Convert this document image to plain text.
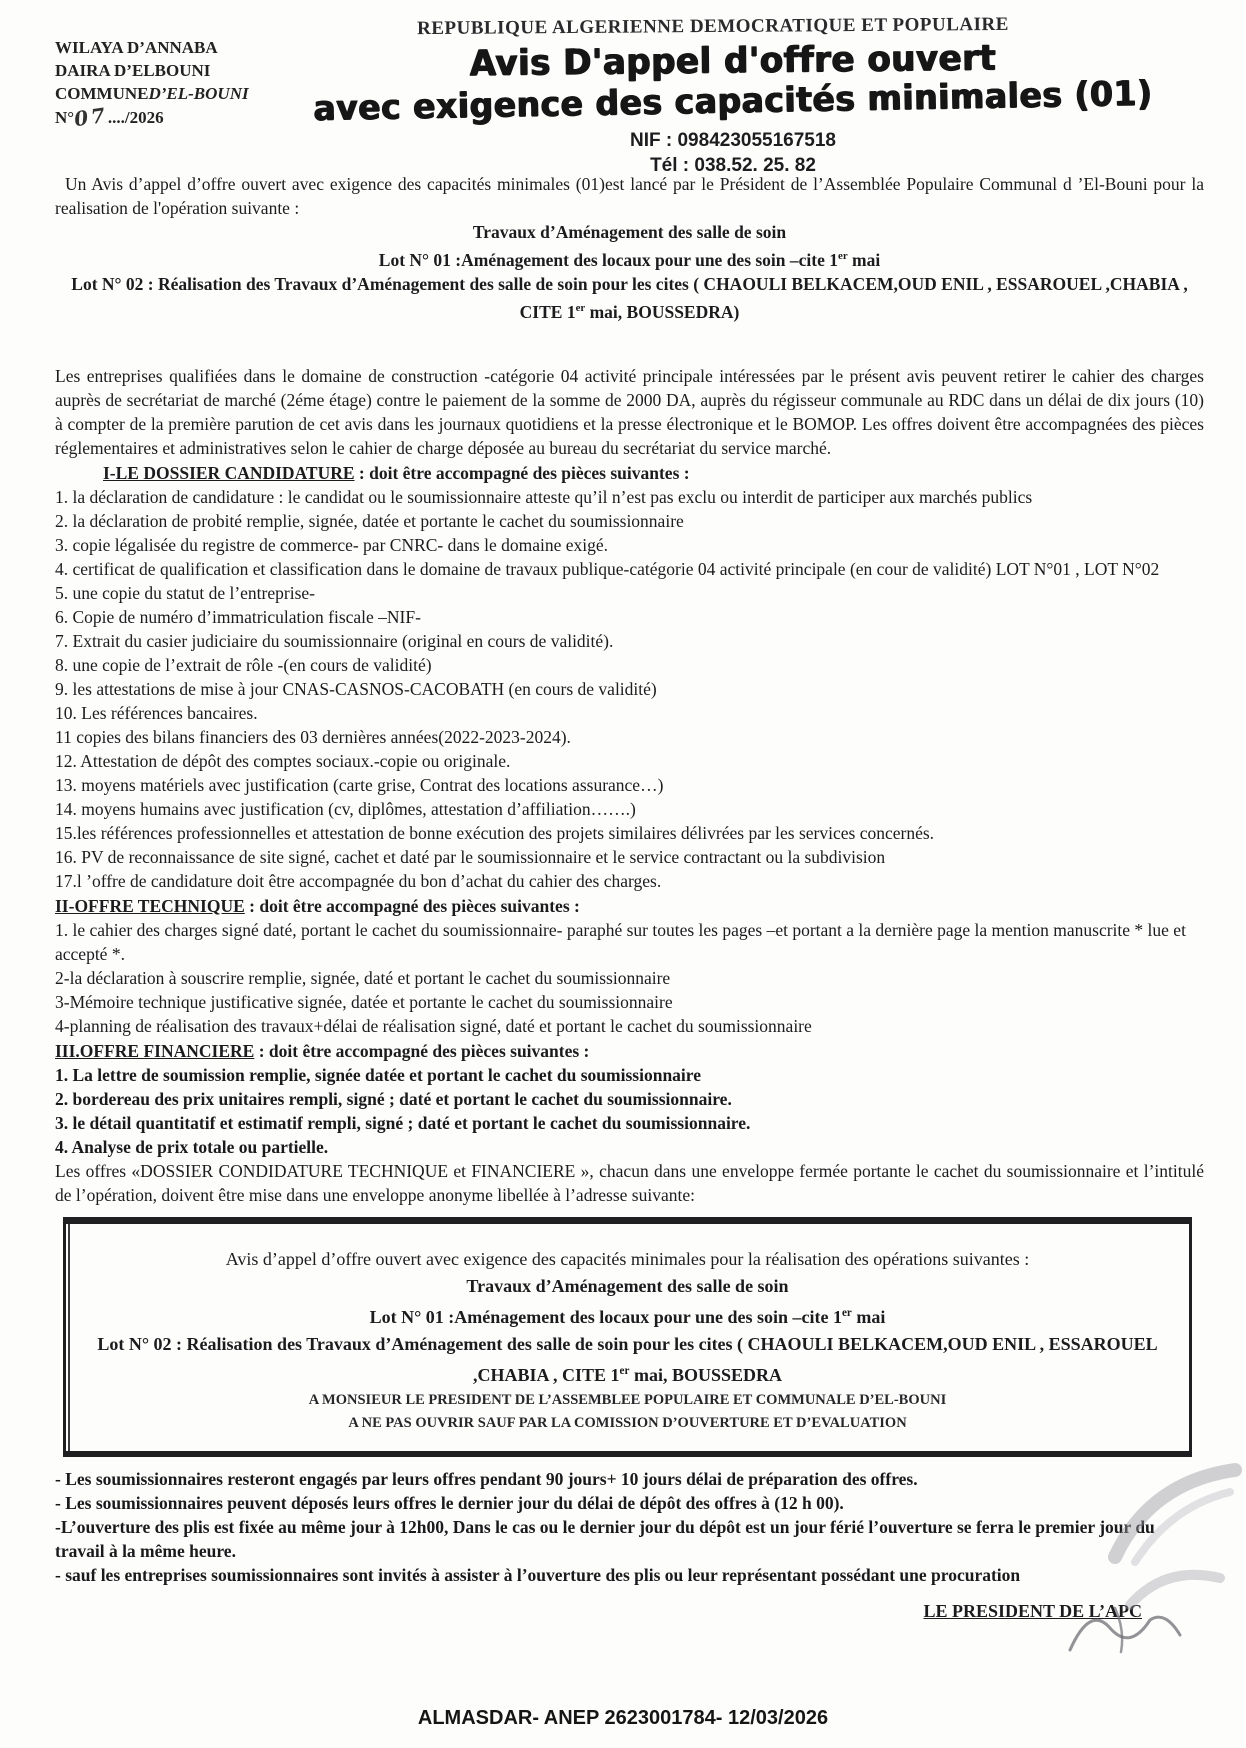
REPUBLIQUE ALGERIENNE DEMOCRATIQUE ET POPULAIRE
WILAYA D’ANNABA
DAIRA D’ELBOUNI
COMMUNED’EL-BOUNI
N°07..../2026
Avis D'appel d'offre ouvert
avec exigence des capacités minimales (01)
NIF : 098423055167518
Tél : 038.52. 25. 82
Un Avis d’appel d’offre ouvert avec exigence des capacités minimales (01)est lancé par le Président de l’Assemblée Populaire Communal d ’El-Bouni pour la realisation de l'opération suivante :
Travaux d’Aménagement des salle de soin
Lot N° 01 :Aménagement des locaux pour une des soin –cite 1er mai
Lot N° 02 : Réalisation des Travaux d’Aménagement des salle de soin pour les cites ( CHAOULI BELKACEM,OUD ENIL , ESSAROUEL ,CHABIA , CITE 1er mai, BOUSSEDRA)
Les entreprises qualifiées dans le domaine de construction -catégorie 04 activité principale intéressées par le présent avis peuvent retirer le cahier des charges auprès de secrétariat de marché (2éme étage) contre le paiement de la somme de 2000 DA, auprès du régisseur communale au RDC dans un délai de dix jours (10) à compter de la première parution de cet avis dans les journaux quotidiens et la presse électronique et le BOMOP. Les offres doivent être accompagnées des pièces réglementaires et administratives selon le cahier de charge déposée au bureau du secrétariat du service marché.
I-LE DOSSIER CANDIDATURE : doit être accompagné des pièces suivantes :
1. la déclaration de candidature : le candidat ou le soumissionnaire atteste qu’il n’est pas exclu ou interdit de participer aux marchés publics
2. la déclaration de probité remplie, signée, datée et portante le cachet du soumissionnaire
3. copie légalisée du registre de commerce- par CNRC- dans le domaine exigé.
4. certificat de qualification et classification dans le domaine de travaux publique-catégorie 04 activité principale (en cour de validité) LOT N°01 , LOT N°02
5. une copie du statut de l’entreprise-
6. Copie de numéro d’immatriculation fiscale –NIF-
7. Extrait du casier judiciaire du soumissionnaire (original en cours de validité).
8. une copie de l’extrait de rôle -(en cours de validité)
9. les attestations de mise à jour CNAS-CASNOS-CACOBATH (en cours de validité)
10. Les références bancaires.
11 copies des bilans financiers des 03 dernières années(2022-2023-2024).
12. Attestation de dépôt des comptes sociaux.-copie ou originale.
13. moyens matériels avec justification (carte grise, Contrat des locations assurance…)
14. moyens humains avec justification (cv, diplômes, attestation d’affiliation…….)
15.les références professionnelles et attestation de bonne exécution des projets similaires délivrées par les services concernés.
16. PV de reconnaissance de site signé, cachet et daté par le soumissionnaire et le service contractant ou la subdivision
17.l ’offre de candidature doit être accompagnée du bon d’achat du cahier des charges.
II-OFFRE TECHNIQUE : doit être accompagné des pièces suivantes :
1. le cahier des charges signé daté, portant le cachet du soumissionnaire- paraphé sur toutes les pages –et portant a la dernière page la mention manuscrite * lue et accepté *.
2-la déclaration à souscrire remplie, signée, daté et portant le cachet du soumissionnaire
3-Mémoire technique justificative signée, datée et portante le cachet du soumissionnaire
4-planning de réalisation des travaux+délai de réalisation signé, daté et portant le cachet du soumissionnaire
III.OFFRE FINANCIERE : doit être accompagné des pièces suivantes :
1. La lettre de soumission remplie, signée datée et portant le cachet du soumissionnaire
2. bordereau des prix unitaires rempli, signé ; daté et portant le cachet du soumissionnaire.
3. le détail quantitatif et estimatif rempli, signé ; daté et portant le cachet du soumissionnaire.
4. Analyse de prix totale ou partielle.
Les offres «DOSSIER CONDIDATURE TECHNIQUE et FINANCIERE », chacun dans une enveloppe fermée portante le cachet du soumissionnaire et l’intitulé de l’opération, doivent être mise dans une enveloppe anonyme libellée à l’adresse suivante:
Avis d’appel d’offre ouvert avec exigence des capacités minimales pour la réalisation des opérations suivantes :
Travaux d’Aménagement des salle de soin
Lot N° 01 :Aménagement des locaux pour une des soin –cite 1er mai
Lot N° 02 : Réalisation des Travaux d’Aménagement des salle de soin pour les cites ( CHAOULI BELKACEM,OUD ENIL , ESSAROUEL ,CHABIA , CITE 1er mai, BOUSSEDRA
A MONSIEUR LE PRESIDENT DE L’ASSEMBLEE POPULAIRE ET COMMUNALE D’EL-BOUNI
A NE PAS OUVRIR SAUF PAR LA COMISSION D’OUVERTURE ET D’EVALUATION
- Les soumissionnaires resteront engagés par leurs offres pendant 90 jours+ 10 jours délai de préparation des offres.
- Les soumissionnaires peuvent déposés leurs offres le dernier jour du délai de dépôt des offres à (12 h 00).
-L’ouverture des plis est fixée au même jour à 12h00, Dans le cas ou le dernier jour du dépôt est un jour férié l’ouverture se ferra le premier jour du travail à la même heure.
- sauf les entreprises soumissionnaires sont invités à assister à l’ouverture des plis ou leur représentant possédant une procuration
LE PRESIDENT DE L’APC
ALMASDAR- ANEP 2623001784- 12/03/2026
